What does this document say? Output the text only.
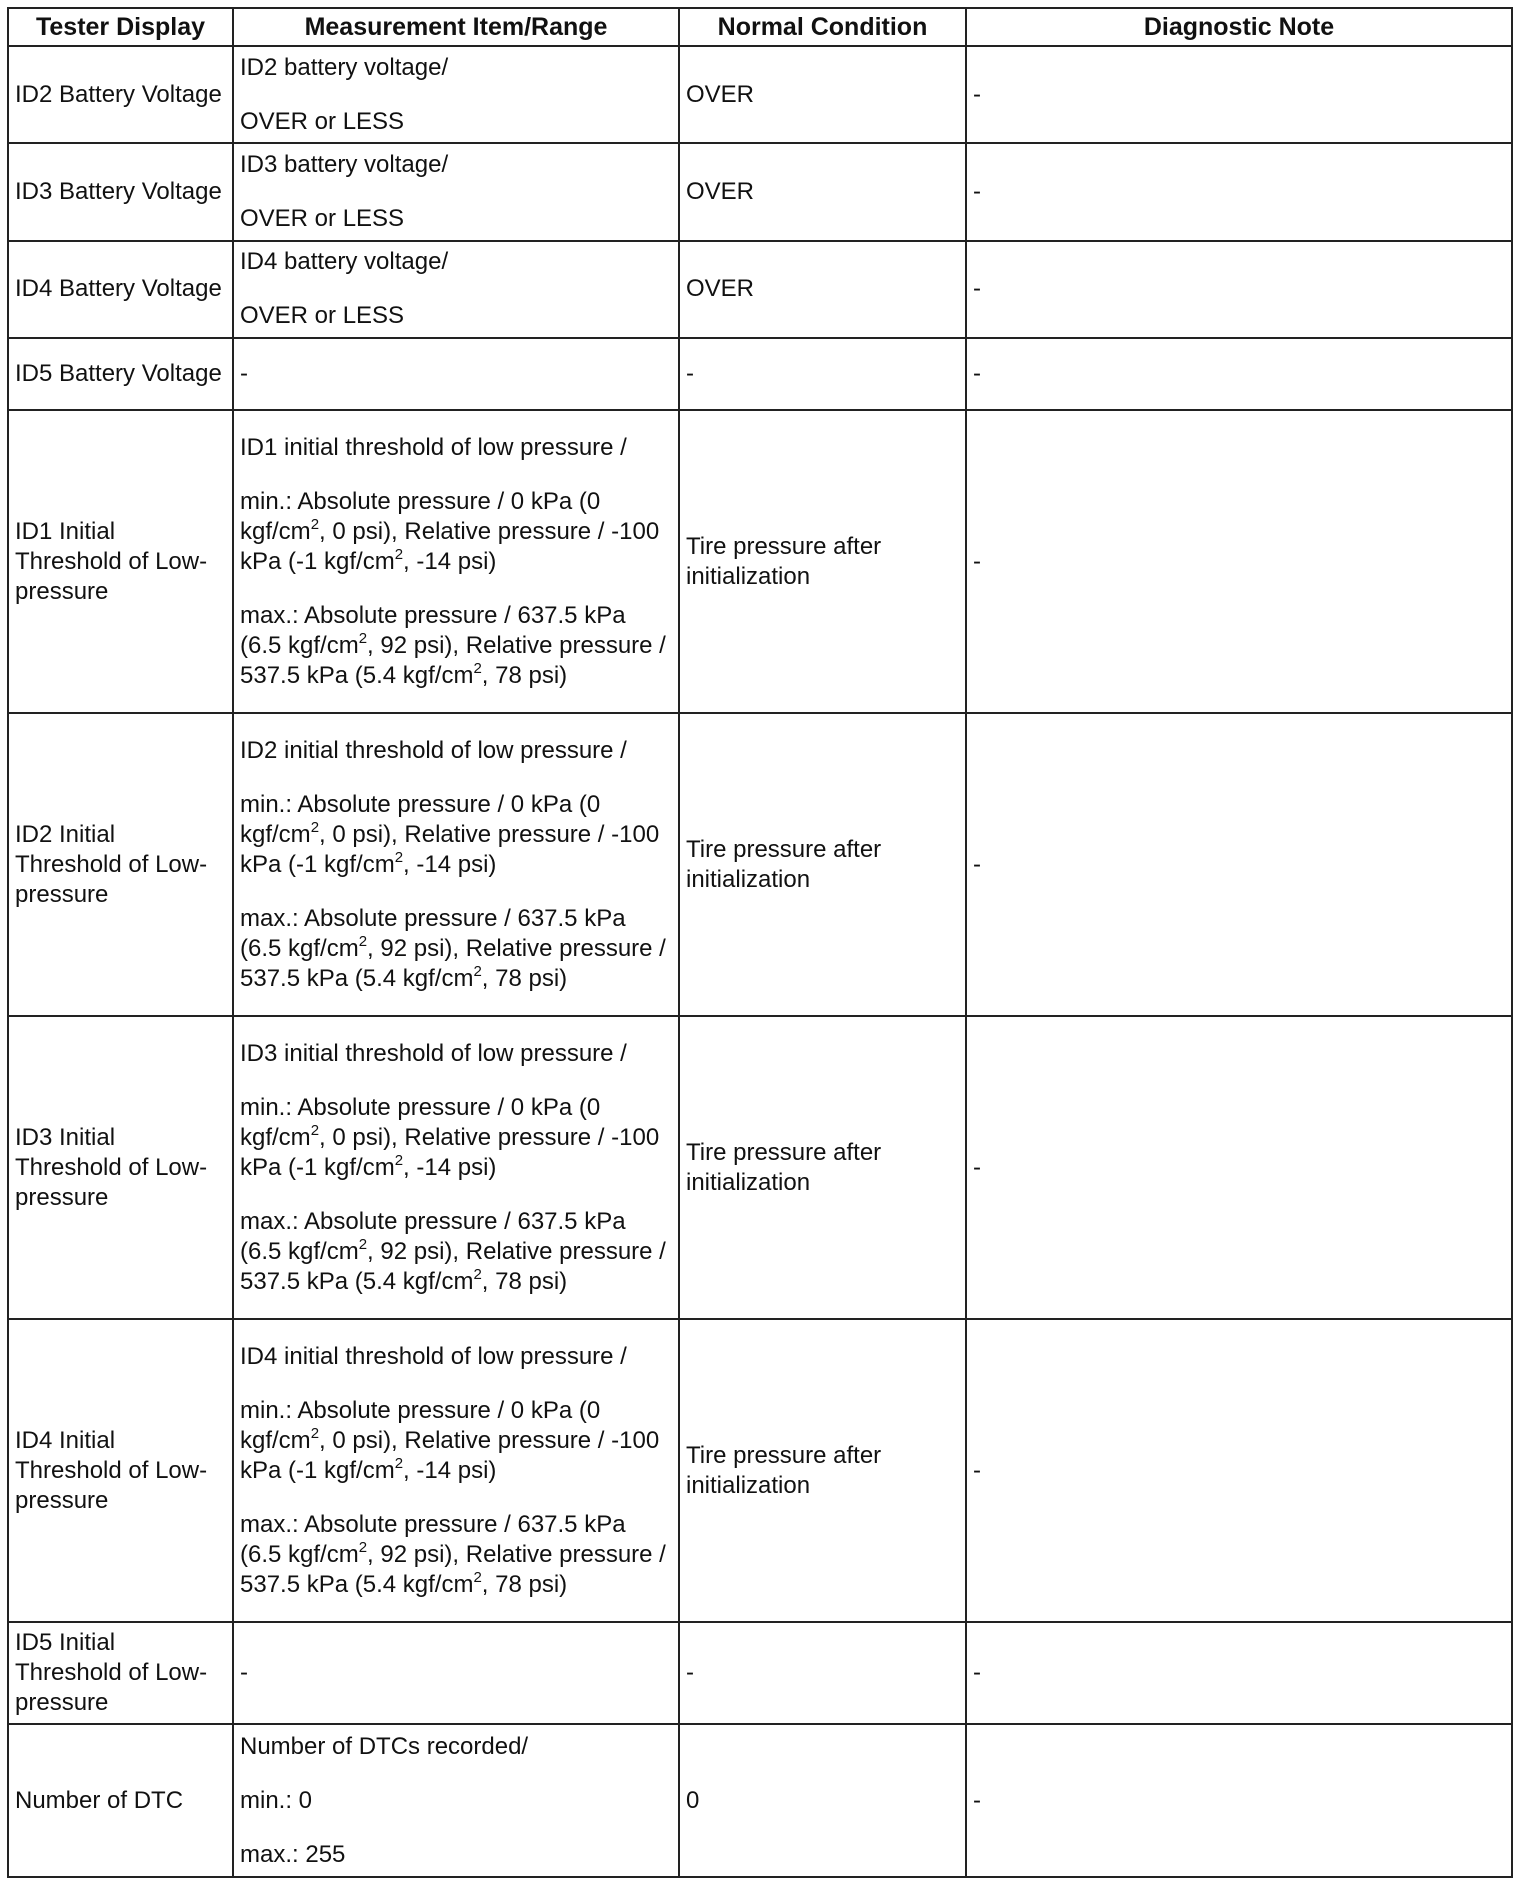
Tester Display	Measurement Item/Range	Normal Condition	Diagnostic Note
ID2 Battery Voltage	ID2 battery voltage/

OVER or LESS	OVER	-
ID3 Battery Voltage	ID3 battery voltage/

OVER or LESS	OVER	-
ID4 Battery Voltage	ID4 battery voltage/

OVER or LESS	OVER	-
ID5 Battery Voltage	-	-	-
ID1 Initial Threshold of Low-pressure	ID1 initial threshold of low pressure /

min.: Absolute pressure / 0 kPa (0 kgf/$cm^2$, 0 psi), Relative pressure / -100 kPa (-1 kgf/$cm^2$, -14 psi)

max.: Absolute pressure / 637.5 kPa (6.5 kgf/$cm^2$, 92 psi), Relative pressure / 537.5 kPa (5.4 kgf/$cm^2$, 78 psi)	Tire pressure after initialization	-
ID2 Initial Threshold of Low-pressure	ID2 initial threshold of low pressure /

min.: Absolute pressure / 0 kPa (0 kgf/$cm^2$, 0 psi), Relative pressure / -100 kPa (-1 kgf/$cm^2$, -14 psi)

max.: Absolute pressure / 637.5 kPa (6.5 kgf/$cm^2$, 92 psi), Relative pressure / 537.5 kPa (5.4 kgf/$cm^2$, 78 psi)	Tire pressure after initialization	-
ID3 Initial Threshold of Low-pressure	ID3 initial threshold of low pressure /

min.: Absolute pressure / 0 kPa (0 kgf/$cm^2$, 0 psi), Relative pressure / -100 kPa (-1 kgf/$cm^2$, -14 psi)

max.: Absolute pressure / 637.5 kPa (6.5 kgf/$cm^2$, 92 psi), Relative pressure / 537.5 kPa (5.4 kgf/$cm^2$, 78 psi)	Tire pressure after initialization	-
ID4 Initial Threshold of Low-pressure	ID4 initial threshold of low pressure /

min.: Absolute pressure / 0 kPa (0 kgf/$cm^2$, 0 psi), Relative pressure / -100 kPa (-1 kgf/$cm^2$, -14 psi)

max.: Absolute pressure / 637.5 kPa (6.5 kgf/$cm^2$, 92 psi), Relative pressure / 537.5 kPa (5.4 kgf/$cm^2$, 78 psi)	Tire pressure after initialization	-
ID5 Initial Threshold of Low-pressure	-	-	-
Number of DTC	Number of DTCs recorded/

min.: 0

max.: 255	0	-
